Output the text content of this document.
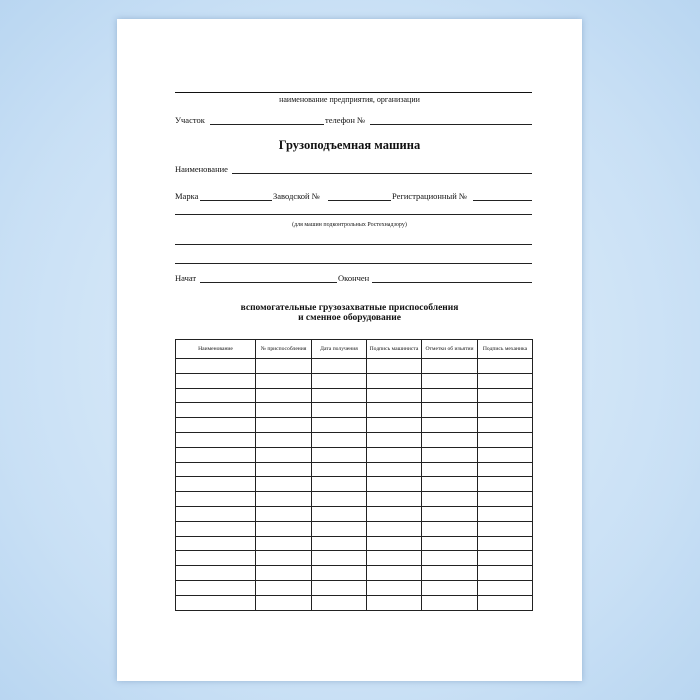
наименование предприятия, организации
Участок	телефон №
Грузоподъемная машина
Наименование
Марка	Заводской №	Регистрационный №
(для машин подконтрольных Ростехнадзору)
Начат	Окончен
вспомогательные грузозахватные приспособления
и сменное оборудование
Наименование	№ приспособления	Дата получения	Подпись машиниста	Отметки об изъятии	Подпись механика
